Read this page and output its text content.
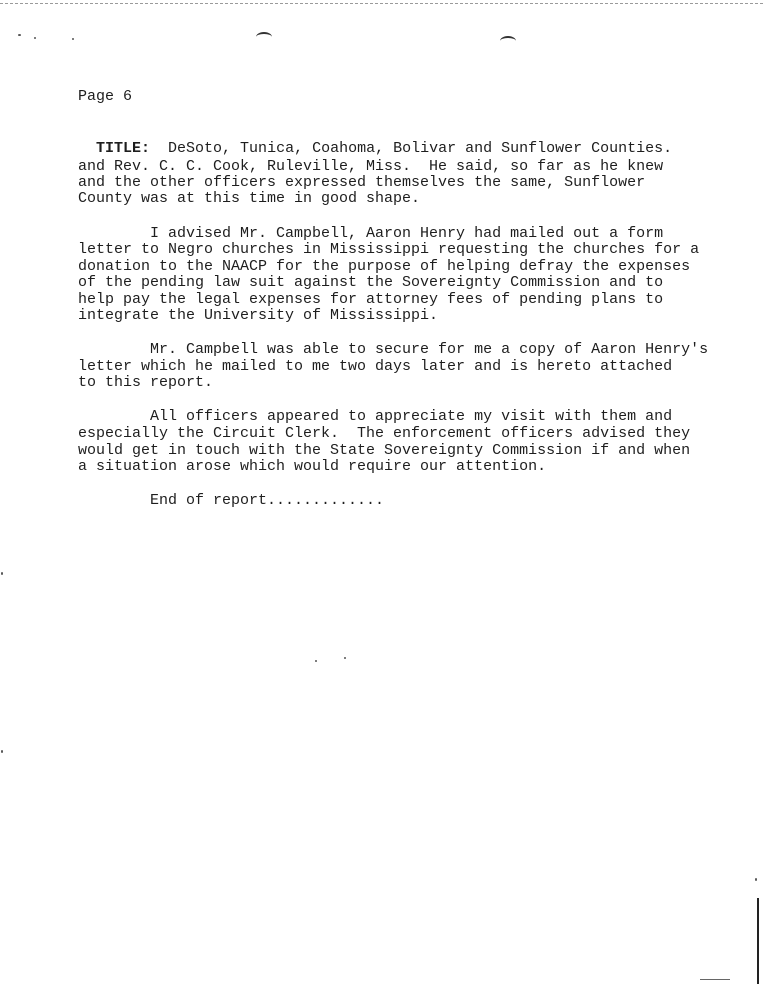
Page 6

TITLE: DeSoto, Tunica, Coahoma, Bolivar and Sunflower Counties.

and Rev. C. C. Cook, Ruleville, Miss.  He said, so far as he knew
and the other officers expressed themselves the same, Sunflower
County was at this time in good shape.
I advised Mr. Campbell, Aaron Henry had mailed out a form
letter to Negro churches in Mississippi requesting the churches for a
donation to the NAACP for the purpose of helping defray the expenses
of the pending law suit against the Sovereignty Commission and to
help pay the legal expenses for attorney fees of pending plans to
integrate the University of Mississippi.
Mr. Campbell was able to secure for me a copy of Aaron Henry's
letter which he mailed to me two days later and is hereto attached
to this report.
All officers appeared to appreciate my visit with them and
especially the Circuit Clerk.  The enforcement officers advised they
would get in touch with the State Sovereignty Commission if and when
a situation arose which would require our attention.
End of report.............
